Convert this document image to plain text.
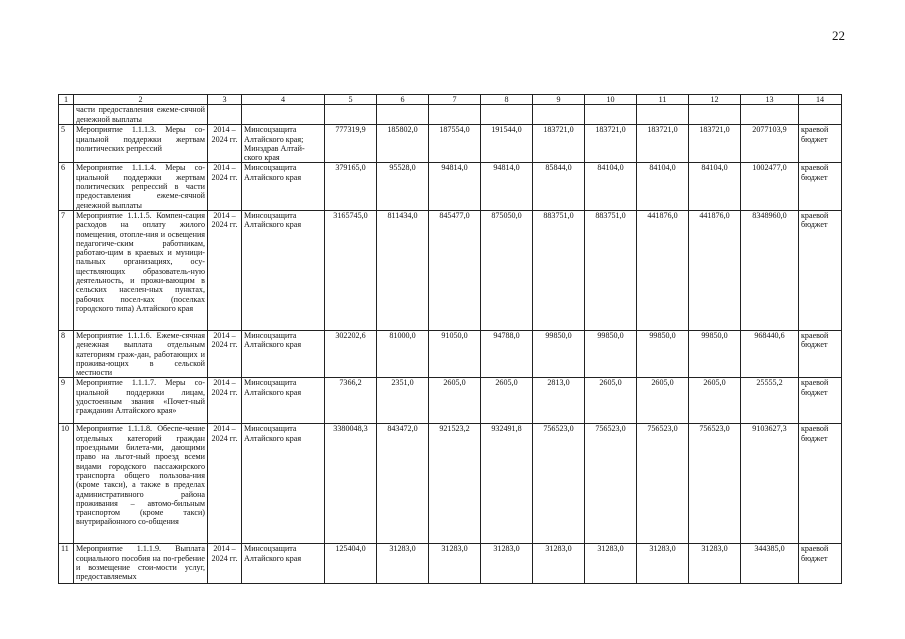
22
1	2	3	4	5	6	7	8	9	10	11	12	13	14
	части предоставления ежеме-сячной денежной выплаты												
5	Мероприятие 1.1.1.3. Меры со-циальной поддержки жертвам политических репрессий	2014 – 2024 гг.	Минсоцзащита Алтайского края; Минздрав Алтай-ского края	777319,9	185802,0	187554,0	191544,0	183721,0	183721,0	183721,0	183721,0	2077103,9	краевой бюджет
6	Мероприятие 1.1.1.4. Меры со-циальной поддержки жертвам политических репрессий в части предоставления ежеме-сячной денежной выплаты	2014 – 2024 гг.	Минсоцзащита Алтайского края	379165,0	95528,0	94814,0	94814,0	85844,0	84104,0	84104,0	84104,0	1002477,0	краевой бюджет
7	Мероприятие 1.1.1.5. Компен-сация расходов на оплату жилого помещения, отопле-ния и освещения педагогиче-ским работникам, работаю-щим в краевых и муници-пальных организациях, осу-ществляющих образователь-ную деятельность, и прожи-вающим в сельских населен-ных пунктах, рабочих посел-ках (поселках городского типа) Алтайского края	2014 – 2024 гг.	Минсоцзащита Алтайского края	3165745,0	811434,0	845477,0	875050,0	883751,0	883751,0	441876,0	441876,0	8348960,0	краевой бюджет
8	Мероприятие 1.1.1.6. Ежеме-сячная денежная выплата отдельным категориям граж-дан, работающих и прожива-ющих в сельской местности	2014 – 2024 гг.	Минсоцзащита Алтайского края	302202,6	81000,0	91050,0	94788,0	99850,0	99850,0	99850,0	99850,0	968440,6	краевой бюджет
9	Мероприятие 1.1.1.7. Меры со-циальной поддержки лицам, удостоенным звания «Почет-ный гражданин Алтайского края»	2014 – 2024 гг.	Минсоцзащита Алтайского края	7366,2	2351,0	2605,0	2605,0	2813,0	2605,0	2605,0	2605,0	25555,2	краевой бюджет
10	Мероприятие 1.1.1.8. Обеспе-чение отдельных категорий граждан проездными билета-ми, дающими право на льгот-ный проезд всеми видами городского пассажирского транспорта общего пользова-ния (кроме такси), а также в пределах административного района проживания – автомо-бильным транспортом (кроме такси) внутрирайонного со-общения	2014 – 2024 гг.	Минсоцзащита Алтайского края	3380048,3	843472,0	921523,2	932491,8	756523,0	756523,0	756523,0	756523,0	9103627,3	краевой бюджет
11	Мероприятие 1.1.1.9. Выплата социального пособия на по-гребение и возмещение стои-мости услуг, предоставляемых	2014 – 2024 гг.	Минсоцзащита Алтайского края	125404,0	31283,0	31283,0	31283,0	31283,0	31283,0	31283,0	31283,0	344385,0	краевой бюджет
